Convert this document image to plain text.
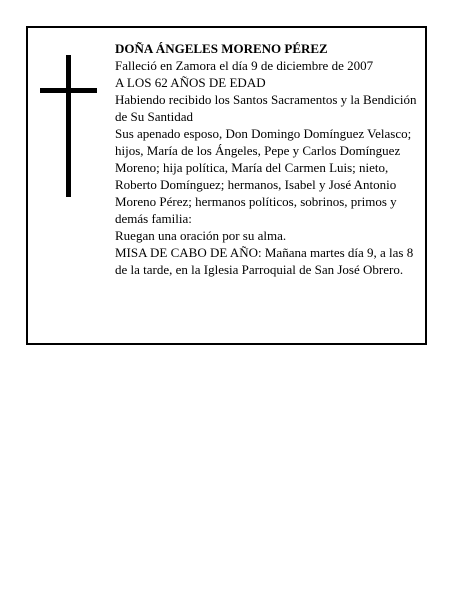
DOÑA ÁNGELES MORENO PÉREZ

Falleció en Zamora el día 9 de diciembre de 2007

A LOS 62 AÑOS DE EDAD

Habiendo recibido los Santos Sacramentos y la Bendición de Su Santidad

Sus apenado esposo, Don Domingo Domínguez Velasco; hijos, María de los Ángeles, Pepe y Carlos Domínguez Moreno; hija política, María del Carmen Luis; nieto, Roberto Domínguez; hermanos, Isabel y José Antonio Moreno Pérez; hermanos políticos, sobrinos, primos y demás familia:

Ruegan una oración por su alma.

MISA DE CABO DE AÑO: Mañana martes día 9, a las 8 de la tarde, en la Iglesia Parroquial de San José Obrero.
